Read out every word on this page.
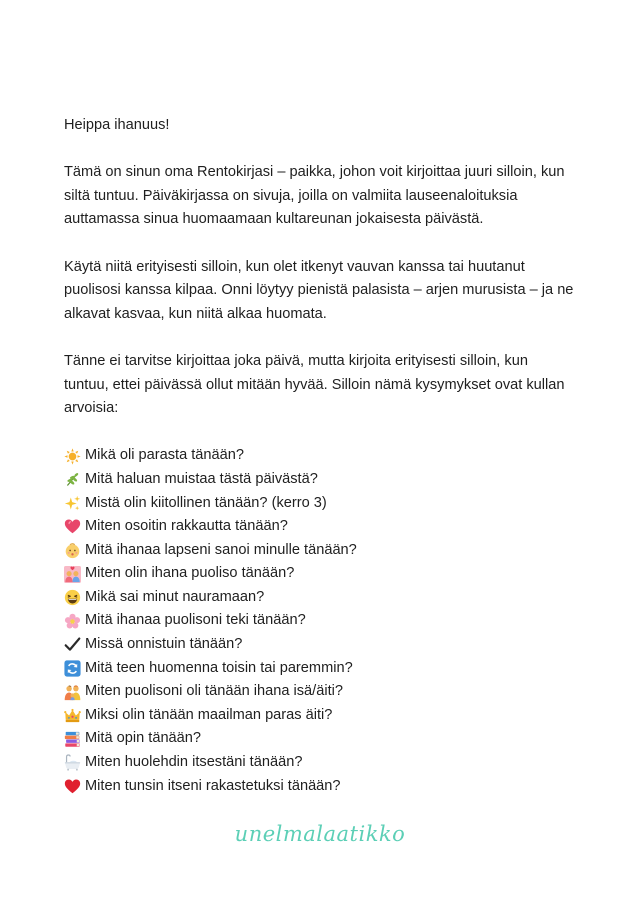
Heippa ihanuus!

Tämä on sinun oma Rentokirjasi – paikka, johon voit kirjoittaa juuri silloin, kun siltä tuntuu. Päiväkirjassa on sivuja, joilla on valmiita lauseenaloituksia auttamassa sinua huomaamaan kultareunan jokaisesta päivästä.

Käytä niitä erityisesti silloin, kun olet itkenyt vauvan kanssa tai huutanut puolisosi kanssa kilpaa. Onni löytyy pienistä palasista – arjen murusista – ja ne alkavat kasvaa, kun niitä alkaa huomata.

Tänne ei tarvitse kirjoittaa joka päivä, mutta kirjoita erityisesti silloin, kun tuntuu, ettei päivässä ollut mitään hyvää. Silloin nämä kysymykset ovat kullan arvoisia:

Mikä oli parasta tänään?
Mitä haluan muistaa tästä päivästä?
Mistä olin kiitollinen tänään? (kerro 3)
Miten osoitin rakkautta tänään?
Mitä ihanaa lapseni sanoi minulle tänään?
Miten olin ihana puoliso tänään?
Mikä sai minut nauramaan?
Mitä ihanaa puolisoni teki tänään?
Missä onnistuin tänään?
Mitä teen huomenna toisin tai paremmin?
Miten puolisoni oli tänään ihana isä/äiti?
Miksi olin tänään maailman paras äiti?
Mitä opin tänään?
Miten huolehdin itsestäni tänään?
Miten tunsin itseni rakastetuksi tänään?
unelmalaatikko
